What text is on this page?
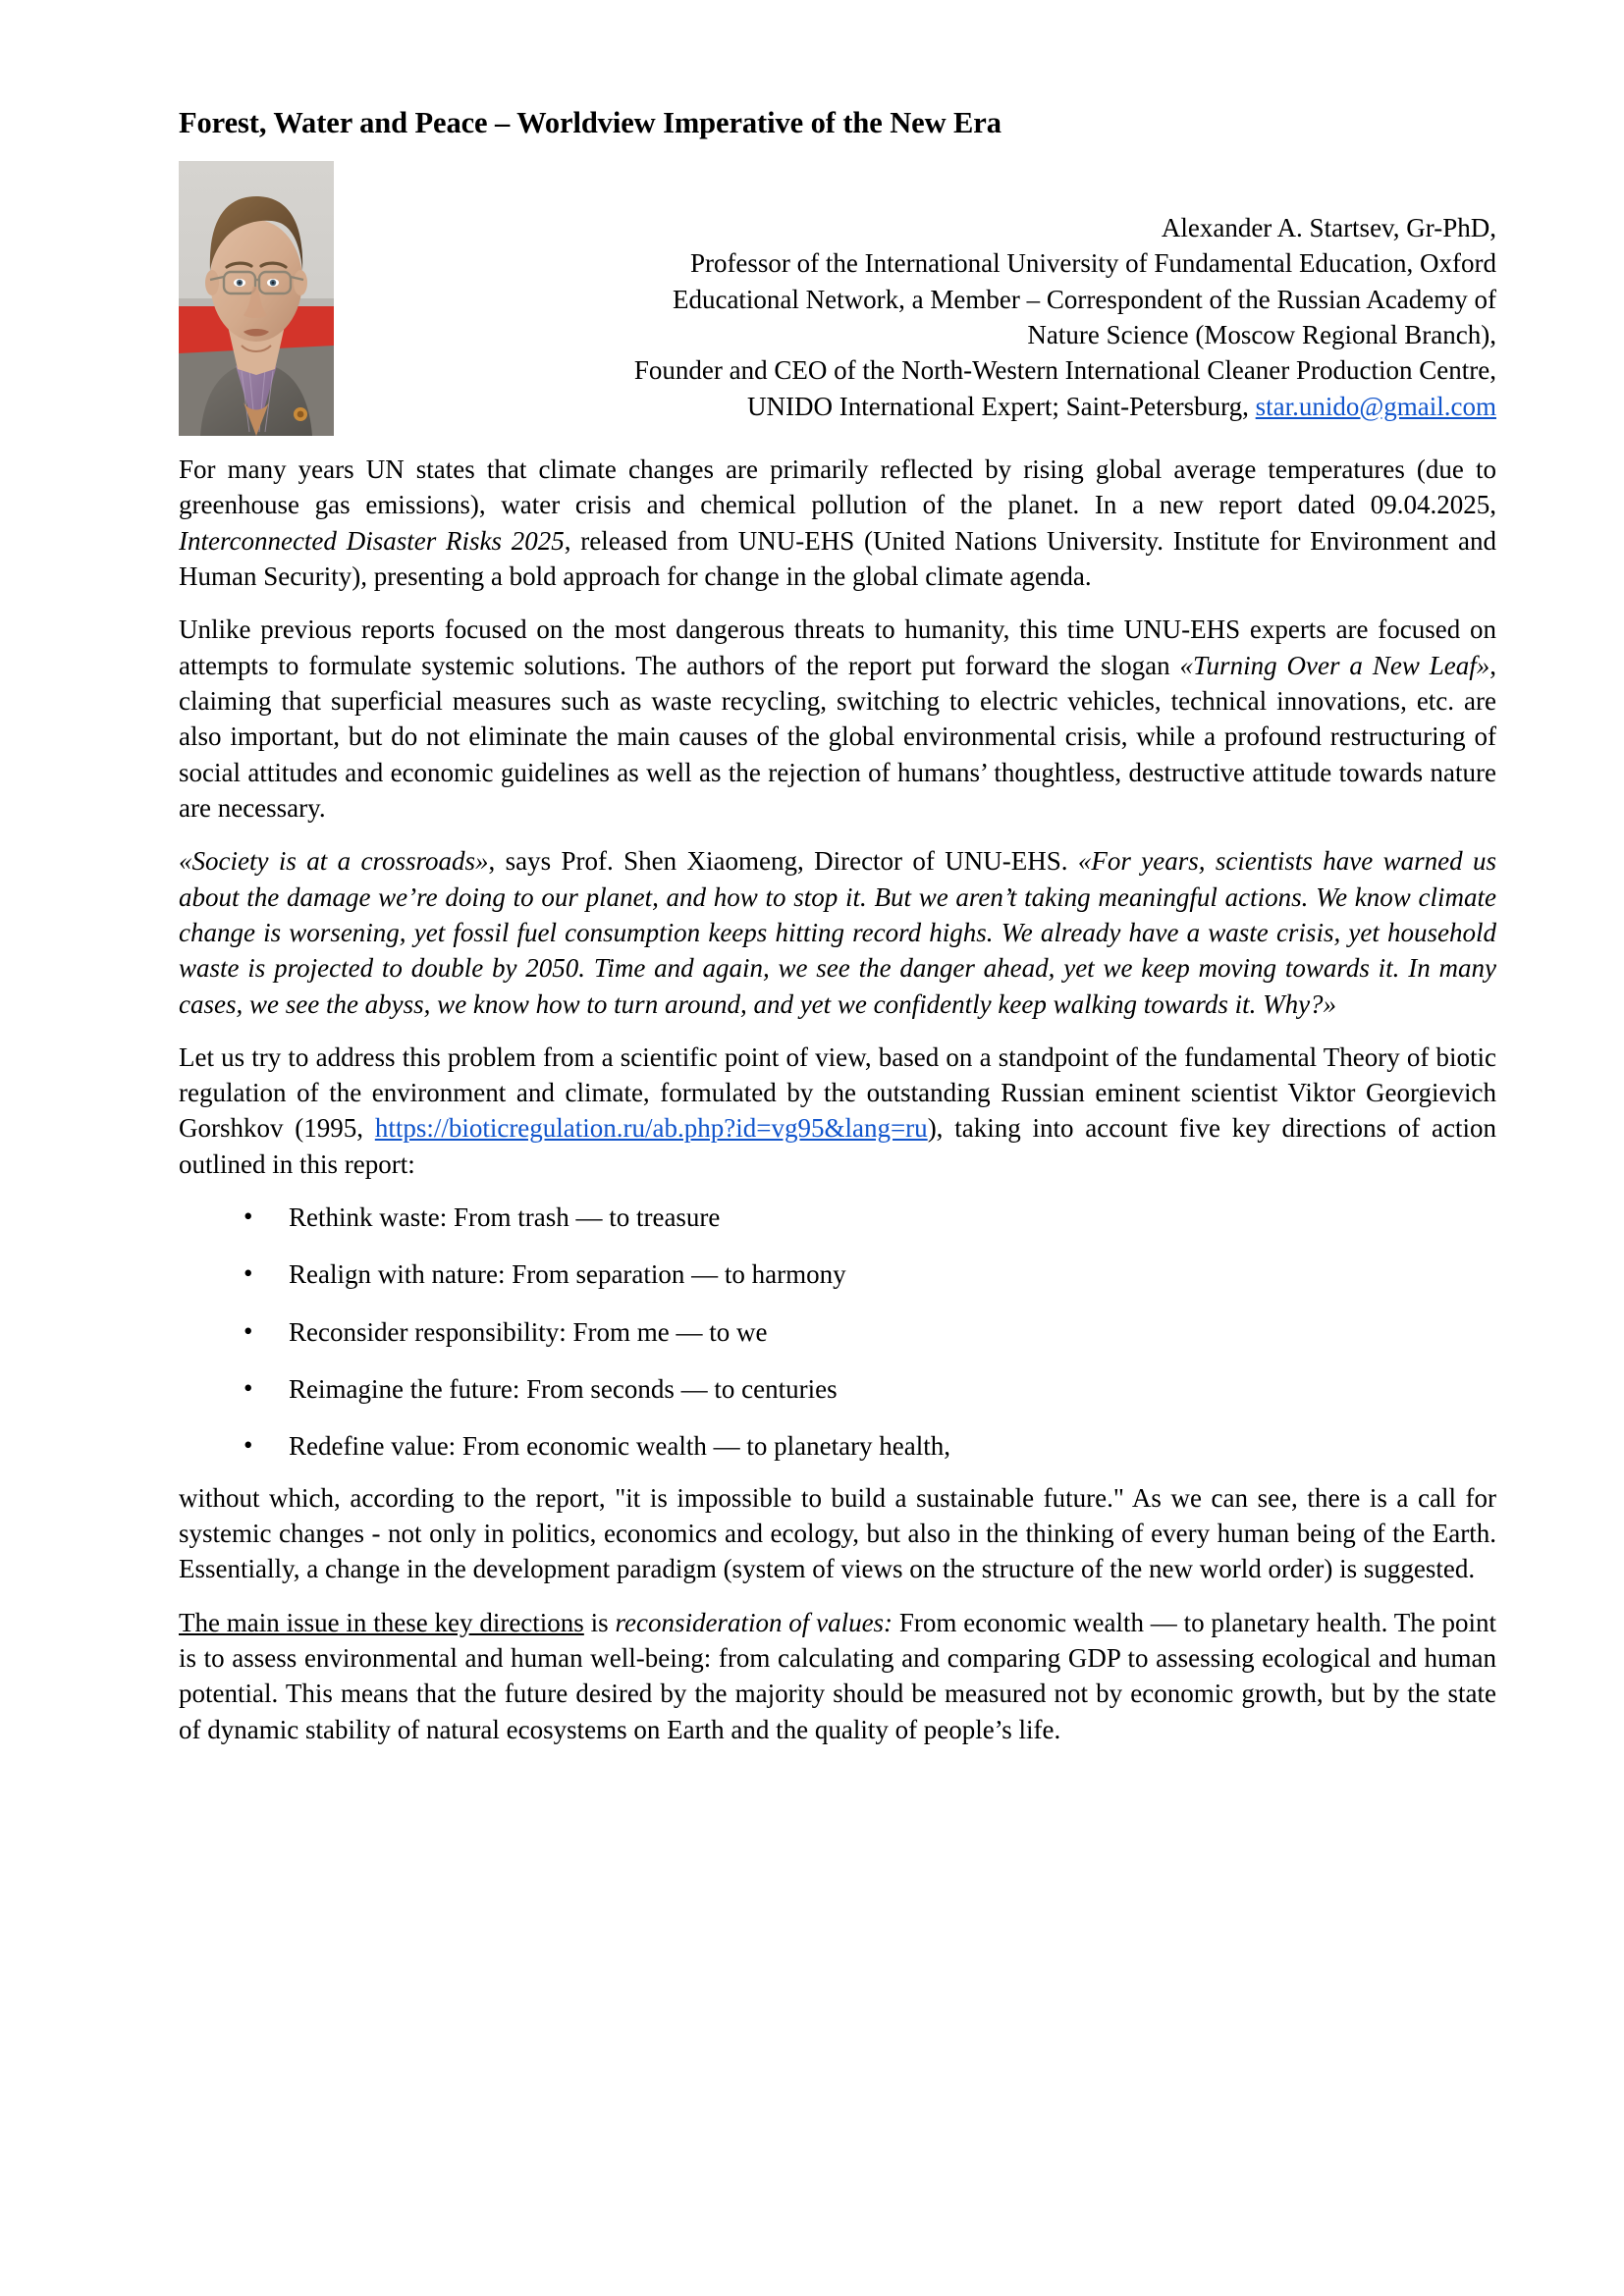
Forest, Water and Peace – Worldview Imperative of the New Era
Alexander A. Startsev, Gr-PhD,
Professor of the International University of Fundamental Education, Oxford
Educational Network, a Member – Correspondent of the Russian Academy of
Nature Science (Moscow Regional Branch),
Founder and CEO of the North-Western International Cleaner Production Centre,
UNIDO International Expert; Saint-Petersburg, star.unido@gmail.com

For many years UN states that climate changes are primarily reflected by rising global average temperatures (due to greenhouse gas emissions), water crisis and chemical pollution of the planet. In a new report dated 09.04.2025, Interconnected Disaster Risks 2025, released from UNU-EHS (United Nations University. Institute for Environment and Human Security), presenting a bold approach for change in the global climate agenda.

Unlike previous reports focused on the most dangerous threats to humanity, this time UNU-EHS experts are focused on attempts to formulate systemic solutions. The authors of the report put forward the slogan «Turning Over a New Leaf», claiming that superficial measures such as waste recycling, switching to electric vehicles, technical innovations, etc. are also important, but do not eliminate the main causes of the global environmental crisis, while a profound restructuring of social attitudes and economic guidelines as well as the rejection of humans’ thoughtless, destructive attitude towards nature are necessary.

«Society is at a crossroads», says Prof. Shen Xiaomeng, Director of UNU-EHS. «For years, scientists have warned us about the damage we’re doing to our planet, and how to stop it. But we aren’t taking meaningful actions. We know climate change is worsening, yet fossil fuel consumption keeps hitting record highs. We already have a waste crisis, yet household waste is projected to double by 2050. Time and again, we see the danger ahead, yet we keep moving towards it. In many cases, we see the abyss, we know how to turn around, and yet we confidently keep walking towards it. Why?»

Let us try to address this problem from a scientific point of view, based on a standpoint of the fundamental Theory of biotic regulation of the environment and climate, formulated by the outstanding Russian eminent scientist Viktor Georgievich Gorshkov (1995, https://bioticregulation.ru/ab.php?id=vg95&lang=ru), taking into account five key directions of action outlined in this report:

• Rethink waste: From trash — to treasure
• Realign with nature: From separation — to harmony
• Reconsider responsibility: From me — to we
• Reimagine the future: From seconds — to centuries
• Redefine value: From economic wealth — to planetary health,

without which, according to the report, "it is impossible to build a sustainable future." As we can see, there is a call for systemic changes - not only in politics, economics and ecology, but also in the thinking of every human being of the Earth. Essentially, a change in the development paradigm (system of views on the structure of the new world order) is suggested.

The main issue in these key directions is reconsideration of values: From economic wealth — to planetary health. The point is to assess environmental and human well-being: from calculating and comparing GDP to assessing ecological and human potential. This means that the future desired by the majority should be measured not by economic growth, but by the state of dynamic stability of natural ecosystems on Earth and the quality of people’s life.
